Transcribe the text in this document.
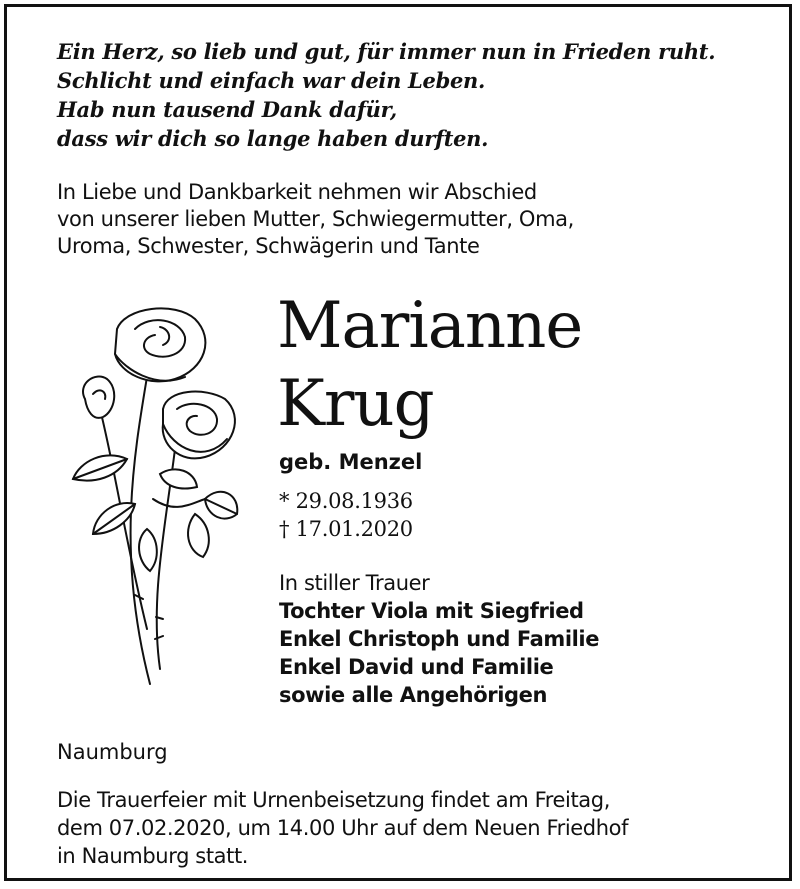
Ein Herz, so lieb und gut, für immer nun in Frieden ruht.
Schlicht und einfach war dein Leben.
Hab nun tausend Dank dafür,
dass wir dich so lange haben durften.
In Liebe und Dankbarkeit nehmen wir Abschied
von unserer lieben Mutter, Schwiegermutter, Oma,
Uroma, Schwester, Schwägerin und Tante
Marianne
Krug
geb. Menzel
* 29.08.1936
† 17.01.2020
In stiller Trauer
Tochter Viola mit Siegfried
Enkel Christoph und Familie
Enkel David und Familie
sowie alle Angehörigen
Naumburg
Die Trauerfeier mit Urnenbeisetzung findet am Freitag,
dem 07.02.2020, um 14.00 Uhr auf dem Neuen Friedhof
in Naumburg statt.
